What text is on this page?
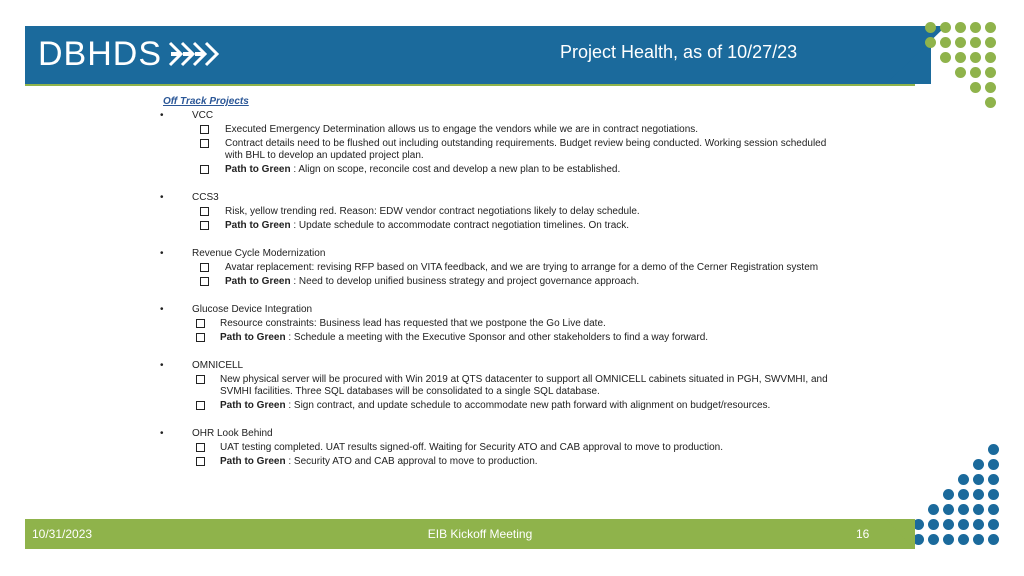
DBHDS	Project Health, as of 10/27/23
Off Track Projects
•	VCC
Executed Emergency Determination allows us to engage the vendors while we are in contract negotiations.
Contract details need to be flushed out including outstanding requirements. Budget review being conducted. Working session scheduled with BHL to develop an updated project plan.
Path to Green : Align on scope, reconcile cost and develop a new plan to be established.
•	CCS3
Risk, yellow trending red. Reason: EDW vendor contract negotiations likely to delay schedule.
Path to Green : Update schedule to accommodate contract negotiation timelines. On track.
•	Revenue Cycle Modernization
Avatar replacement: revising RFP based on VITA feedback, and we are trying to arrange for a demo of the Cerner Registration system
Path to Green : Need to develop unified business strategy and project governance approach.
•	Glucose Device Integration
Resource constraints: Business lead has requested that we postpone the Go Live date.
Path to Green : Schedule a meeting with the Executive Sponsor and other stakeholders to find a way forward.
•	OMNICELL
New physical server will be procured with Win 2019 at QTS datacenter to support all OMNICELL cabinets situated in PGH, SWVMHI, and SVMHI facilities. Three SQL databases will be consolidated to a single SQL database.
Path to Green : Sign contract, and update schedule to accommodate new path forward with alignment on budget/resources.
•	OHR Look Behind
UAT testing completed. UAT results signed-off. Waiting for Security ATO and CAB approval to move to production.
Path to Green : Security ATO and CAB approval to move to production.
10/31/2023	EIB Kickoff Meeting	16
